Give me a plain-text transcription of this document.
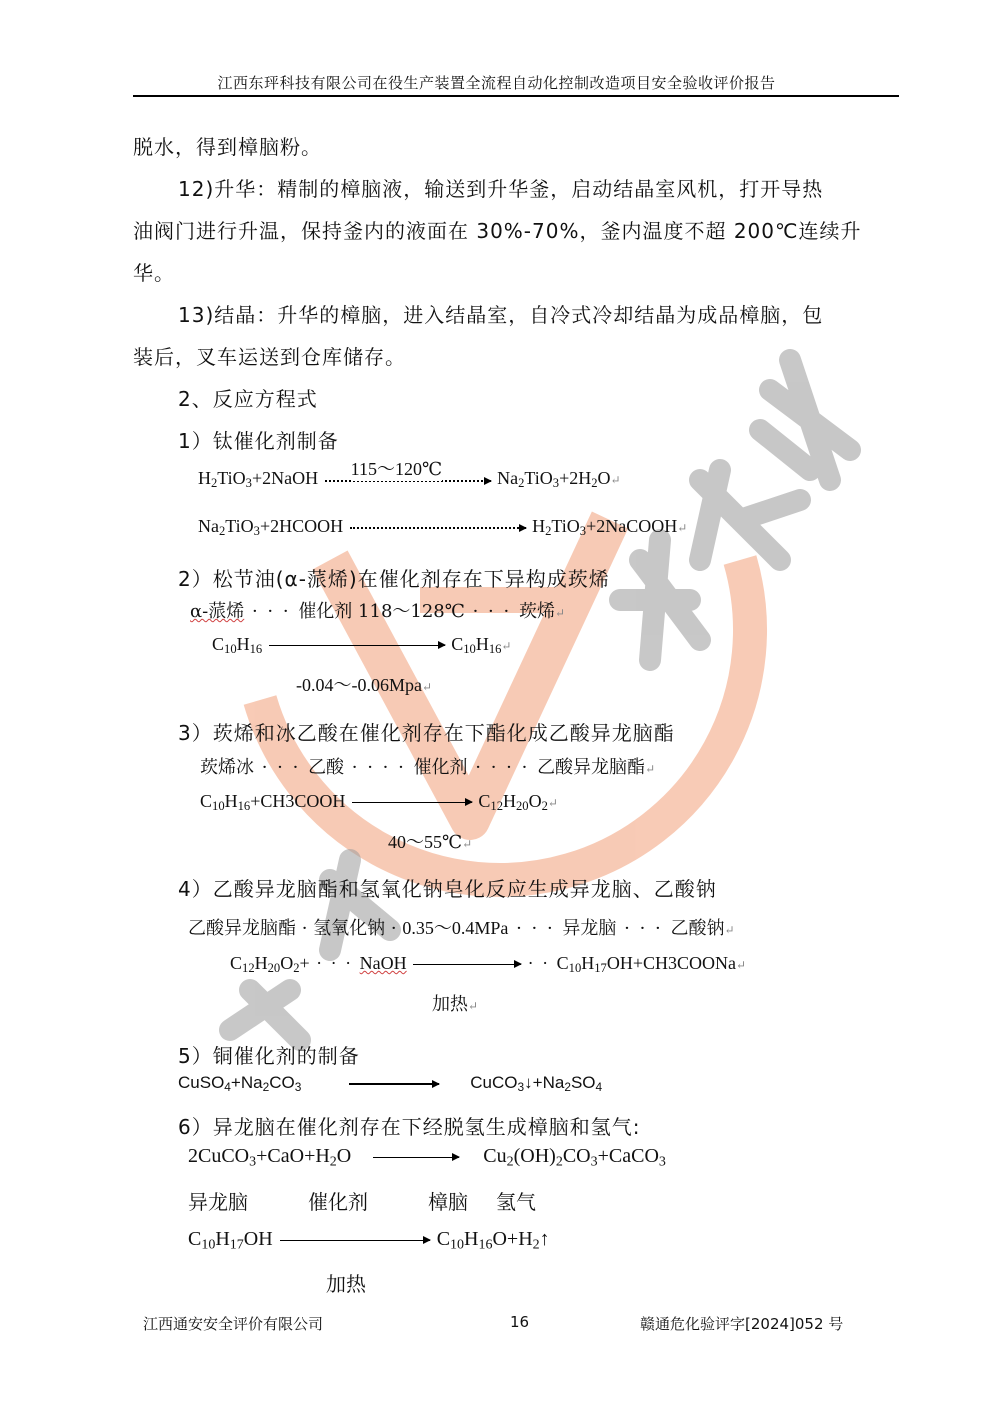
江西东玶科技有限公司在役生产装置全流程自动化控制改造项目安全验收评价报告
脱水，得到樟脑粉。
12)升华：精制的樟脑液，输送到升华釜，启动结晶室风机，打开导热
油阀门进行升温，保持釜内的液面在 30%-70%，釜内温度不超 200℃连续升
华。
13)结晶：升华的樟脑，进入结晶室，自冷式冷却结晶为成品樟脑，包
装后，叉车运送到仓库储存。
2、反应方程式
1）钛催化剂制备
$H_2TiO_3+2NaOH$ 115～120℃	$Na_2TiO_3+2H_2O↵$
$Na_2TiO_3+2HCOOH$	$H_2TiO_3+2NaCOOH↵$
2）松节油(α-蒎烯)在催化剂存在下异构成莰烯
α-蒎烯 · · · 催化剂 118～128℃ · · · 莰烯↵
$C_{10}H_{16}$	$C_{10}H_{16}↵$
-0.04～-0.06Mpa↵
3）莰烯和冰乙酸在催化剂存在下酯化成乙酸异龙脑酯
莰烯冰 · · · 乙酸 · · · · 催化剂 · · · · 乙酸异龙脑酯↵
$C_{10}H_{16}+CH3COOH$	$C_{12}H_{20}O_2↵$
40～55℃↵
4）乙酸异龙脑酯和氢氧化钠皂化反应生成异龙脑、乙酸钠
乙酸异龙脑酯 · 氢氧化钠 · 0.35～0.4MPa · · · 异龙脑 · · · 乙酸钠↵
$C_{12}H_{20}O_2+$ · · · NaOH	· · $C_{10}H_{17}OH+CH3COONa↵$
加热↵
5）铜催化剂的制备
$CuSO_4+Na_2CO_3$	$CuCO_3↓+Na_2SO_4$
6）异龙脑在催化剂存在下经脱氢生成樟脑和氢气:
$2CuCO_3+CaO+H_2O$	$Cu_2(OH)_2CO_3+CaCO_3$
异龙脑	催化剂	樟脑 氢气
$C_{10}H_{17}OH$	$C_{10}H_{16}O+H_2↑$
加热
江西通安安全评价有限公司	16	赣通危化验评字[2024]052 号
